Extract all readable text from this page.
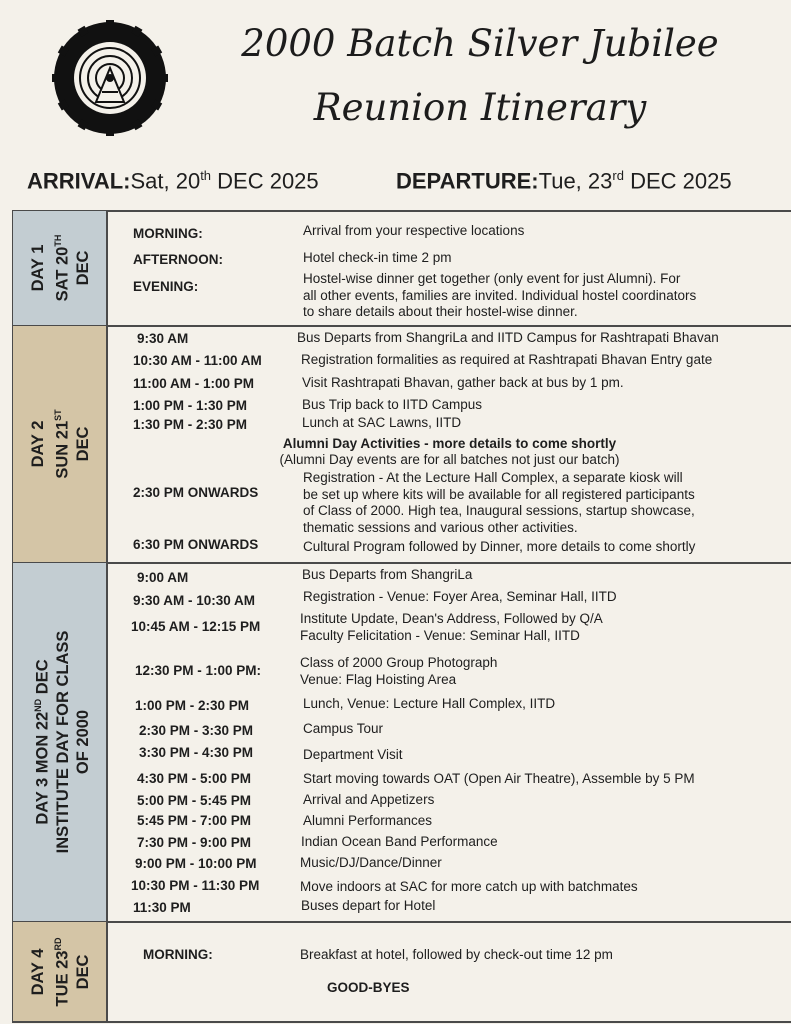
2000 Batch Silver Jubilee
Reunion Itinerary
ARRIVAL:Sat, 20th DEC 2025	DEPARTURE:Tue, 23rd DEC 2025
DAY 1 SAT 20TH
DEC
MORNING:	Arrival from your respective locations
AFTERNOON:	Hotel check-in time 2 pm
EVENING:
Hostel-wise dinner get together (only event for just Alumni). For
all other events, families are invited. Individual hostel coordinators
to share details about their hostel-wise dinner.
DAY 2 SUN 21ST
DEC
9:30 AM	Bus Departs from ShangriLa and IITD Campus for Rashtrapati Bhavan
10:30 AM - 11:00 AM	Registration formalities as required at Rashtrapati Bhavan Entry gate
11:00 AM - 1:00 PM	Visit Rashtrapati Bhavan, gather back at bus by 1 pm.
1:00 PM - 1:30 PM	Bus Trip back to IITD Campus
1:30 PM - 2:30 PM	Lunch at SAC Lawns, IITD
Alumni Day Activities - more details to come shortly
(Alumni Day events are for all batches not just our batch)
2:30 PM ONWARDS
Registration - At the Lecture Hall Complex, a separate kiosk will
be set up where kits will be available for all registered participants
of Class of 2000. High tea, Inaugural sessions, startup showcase,
thematic sessions and various other activities.
6:30 PM ONWARDS	Cultural Program followed by Dinner, more details to come shortly
DAY 3 MON 22ND DEC INSTITUTE DAY FOR CLASS OF 2000
9:00 AM	Bus Departs from ShangriLa
9:30 AM - 10:30 AM	Registration - Venue: Foyer Area, Seminar Hall, IITD
10:45 AM - 12:15 PM
Institute Update, Dean's Address, Followed by Q/A
Faculty Felicitation - Venue: Seminar Hall, IITD
12:30 PM - 1:00 PM:
Class of 2000 Group Photograph
Venue: Flag Hoisting Area
1:00 PM - 2:30 PM	Lunch, Venue: Lecture Hall Complex, IITD
2:30 PM - 3:30 PM	Campus Tour
3:30 PM - 4:30 PM	Department Visit
4:30 PM - 5:00 PM	Start moving towards OAT (Open Air Theatre), Assemble by 5 PM
5:00 PM - 5:45 PM	Arrival and Appetizers
5:45 PM - 7:00 PM	Alumni Performances
7:30 PM - 9:00 PM	Indian Ocean Band Performance
9:00 PM - 10:00 PM	Music/DJ/Dance/Dinner
10:30 PM - 11:30 PM	Move indoors at SAC for more catch up with batchmates
11:30 PM	Buses depart for Hotel
DAY 4 TUE 23RD
DEC	MORNING:	Breakfast at hotel, followed by check-out time 12 pm
GOOD-BYES
